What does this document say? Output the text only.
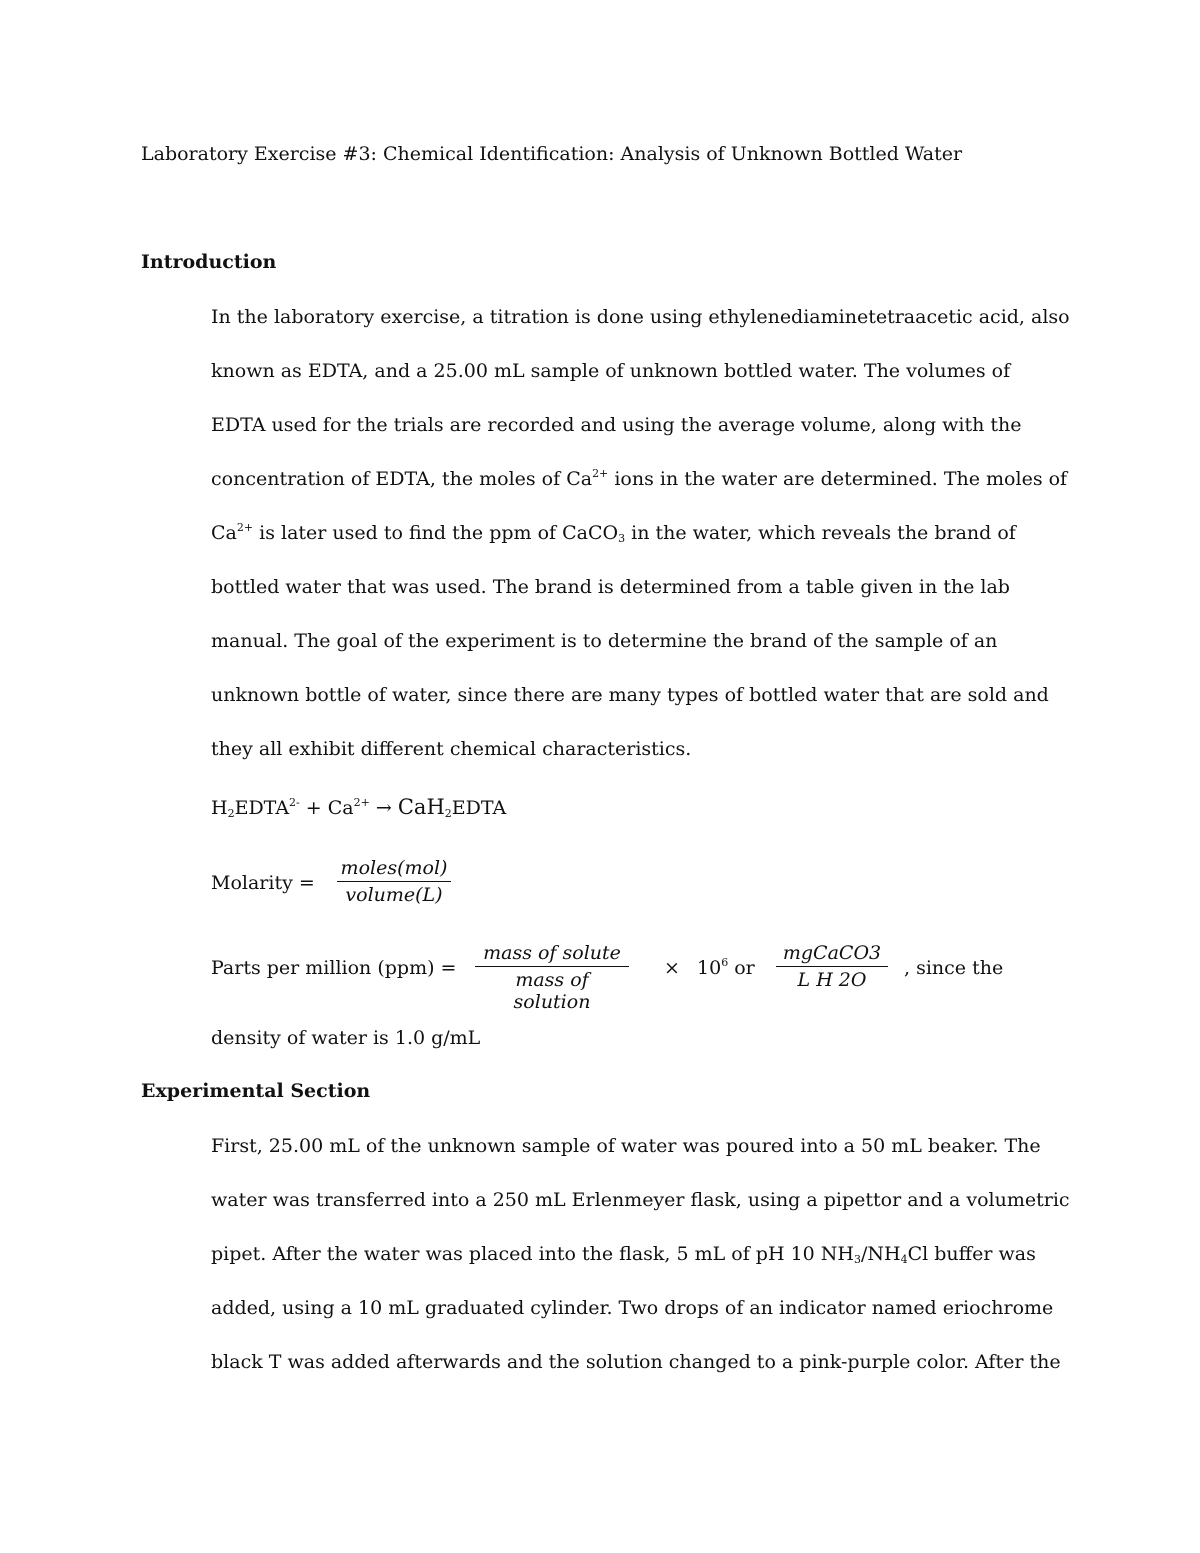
Laboratory Exercise #3: Chemical Identification: Analysis of Unknown Bottled Water
Introduction
In the laboratory exercise, a titration is done using ethylenediaminetetraacetic acid, also
known as EDTA, and a 25.00 mL sample of unknown bottled water. The volumes of
EDTA used for the trials are recorded and using the average volume, along with the
concentration of EDTA, the moles of $Ca^{2+}$ ions in the water are determined. The moles of
$Ca^{2+}$ is later used to find the ppm of CaCO$_3$ in the water, which reveals the brand of
bottled water that was used. The brand is determined from a table given in the lab
manual. The goal of the experiment is to determine the brand of the sample of an
unknown bottle of water, since there are many types of bottled water that are sold and
they all exhibit different chemical characteristics.
$H_2EDTA^{2-} + Ca^{2+}$ → CaH$_2$EDTA
Molarity =
moles(mol)
volume(L)
Parts per million (ppm) =
mass of solute
mass of solution
× $10^6$ or
mgCaCO3
L H 2O
, since the
density of water is 1.0 g/mL
Experimental Section
First, 25.00 mL of the unknown sample of water was poured into a 50 mL beaker. The
water was transferred into a 250 mL Erlenmeyer flask, using a pipettor and a volumetric
pipet. After the water was placed into the flask, 5 mL of pH 10 $NH_3/NH_4Cl$ buffer was
added, using a 10 mL graduated cylinder. Two drops of an indicator named eriochrome
black T was added afterwards and the solution changed to a pink-purple color. After the
